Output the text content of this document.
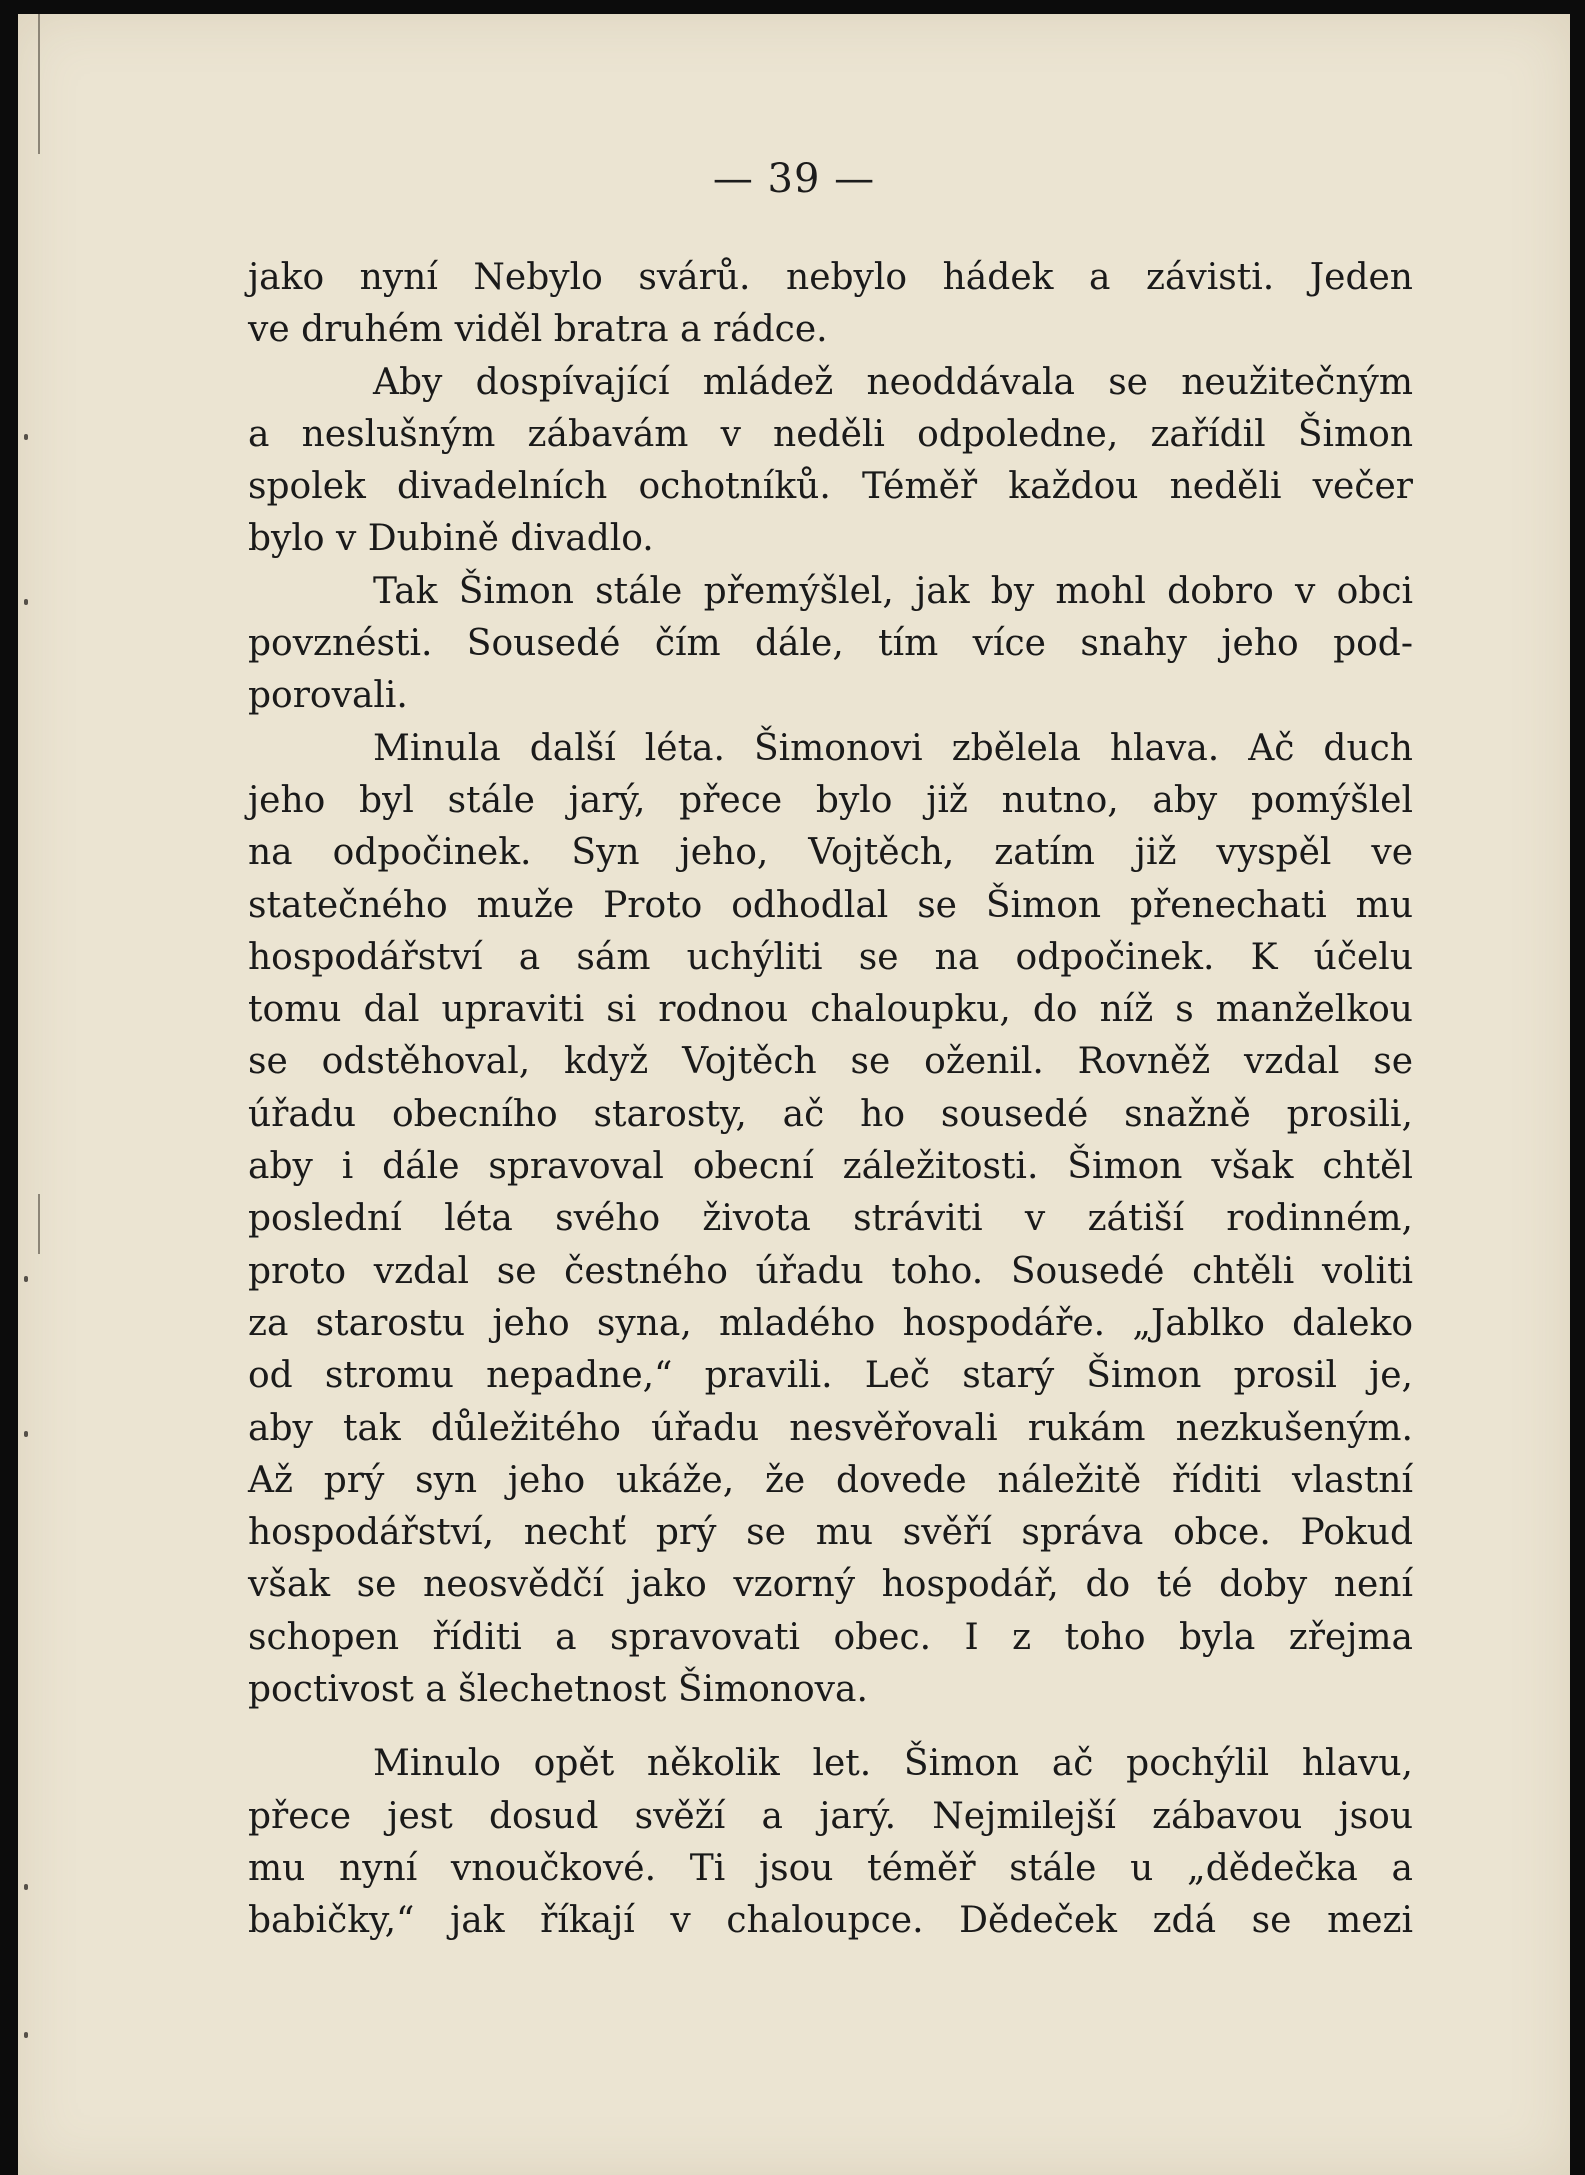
— 39 —
jako nyní Nebylo svárů. nebylo hádek a závisti. Jeden
ve druhém viděl bratra a rádce.
Aby dospívající mládež neoddávala se neužitečným
a neslušným zábavám v neděli odpoledne, zařídil Šimon
spolek divadelních ochotníků. Téměř každou neděli večer
bylo v Dubině divadlo.
Tak Šimon stále přemýšlel, jak by mohl dobro v obci
povznésti. Sousedé čím dále, tím více snahy jeho pod-
porovali.
Minula další léta. Šimonovi zbělela hlava. Ač duch
jeho byl stále jarý, přece bylo již nutno, aby pomýšlel
na odpočinek. Syn jeho, Vojtěch, zatím již vyspěl ve
statečného muže Proto odhodlal se Šimon přenechati mu
hospodářství a sám uchýliti se na odpočinek. K účelu
tomu dal upraviti si rodnou chaloupku, do níž s manželkou
se odstěhoval, když Vojtěch se oženil. Rovněž vzdal se
úřadu obecního starosty, ač ho sousedé snažně prosili,
aby i dále spravoval obecní záležitosti. Šimon však chtěl
poslední léta svého života stráviti v zátiší rodinném,
proto vzdal se čestného úřadu toho. Sousedé chtěli voliti
za starostu jeho syna, mladého hospodáře. „Jablko daleko
od stromu nepadne,“ pravili. Leč starý Šimon prosil je,
aby tak důležitého úřadu nesvěřovali rukám nezkušeným.
Až prý syn jeho ukáže, že dovede náležitě říditi vlastní
hospodářství, nechť prý se mu svěří správa obce. Pokud
však se neosvědčí jako vzorný hospodář, do té doby není
schopen říditi a spravovati obec. I z toho byla zřejma
poctivost a šlechetnost Šimonova.
Minulo opět několik let. Šimon ač pochýlil hlavu,
přece jest dosud svěží a jarý. Nejmilejší zábavou jsou
mu nyní vnoučkové. Ti jsou téměř stále u „dědečka a
babičky,“ jak říkají v chaloupce. Dědeček zdá se mezi
